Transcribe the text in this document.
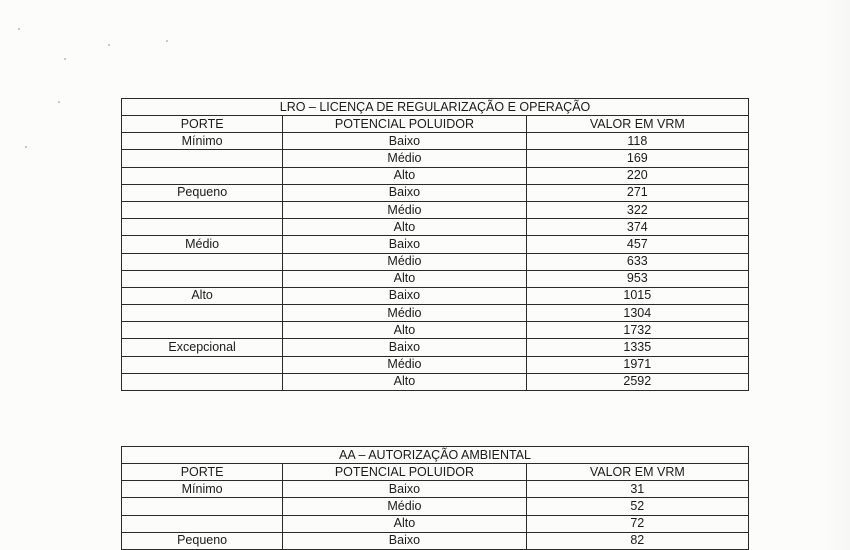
LRO – LICENÇA DE REGULARIZAÇÃO E OPERAÇÃO		
PORTE	POTENCIAL POLUIDOR	VALOR EM VRM
Mínimo	Baixo	118
	Médio	169
	Alto	220
Pequeno	Baixo	271
	Médio	322
	Alto	374
Médio	Baixo	457
	Médio	633
	Alto	953
Alto	Baixo	1015
	Médio	1304
	Alto	1732
Excepcional	Baixo	1335
	Médio	1971
	Alto	2592
AA – AUTORIZAÇÃO AMBIENTAL		
PORTE	POTENCIAL POLUIDOR	VALOR EM VRM
Mínimo	Baixo	31
	Médio	52
	Alto	72
Pequeno	Baixo	82
